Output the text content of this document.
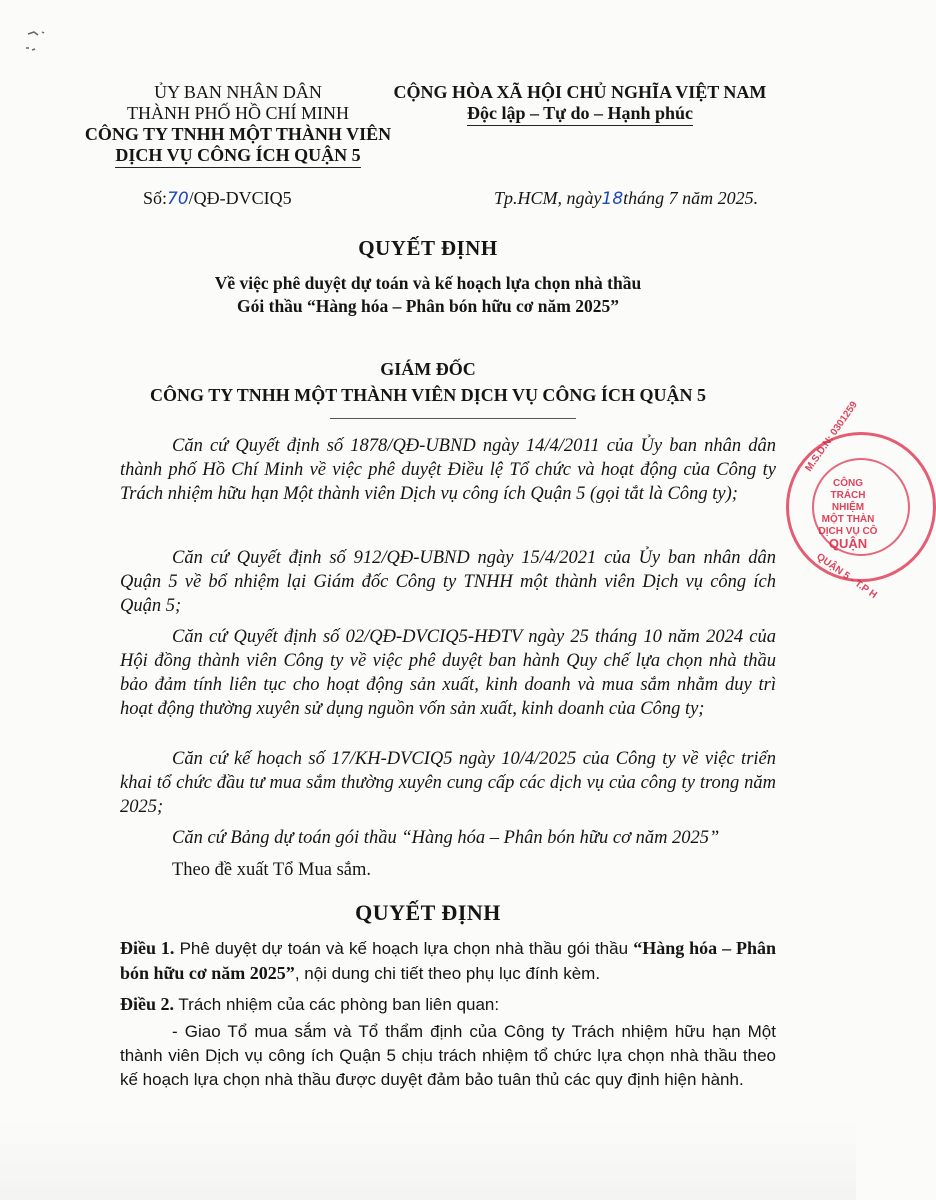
ỦY BAN NHÂN DÂN
THÀNH PHỐ HỒ CHÍ MINH
CÔNG TY TNHH MỘT THÀNH VIÊN
DỊCH VỤ CÔNG ÍCH QUẬN 5
CỘNG HÒA XÃ HỘI CHỦ NGHĨA VIỆT NAM
Độc lập – Tự do – Hạnh phúc
Số:70/QĐ-DVCIQ5	Tp.HCM, ngày18tháng 7 năm 2025.
QUYẾT ĐỊNH
Về việc phê duyệt dự toán và kế hoạch lựa chọn nhà thầu
Gói thầu “Hàng hóa – Phân bón hữu cơ năm 2025”
GIÁM ĐỐC
CÔNG TY TNHH MỘT THÀNH VIÊN DỊCH VỤ CÔNG ÍCH QUẬN 5
Căn cứ Quyết định số 1878/QĐ-UBND ngày 14/4/2011 của Ủy ban nhân dân thành phố Hồ Chí Minh về việc phê duyệt Điều lệ Tổ chức và hoạt động của Công ty Trách nhiệm hữu hạn Một thành viên Dịch vụ công ích Quận 5 (gọi tắt là Công ty);
Căn cứ Quyết định số 912/QĐ-UBND ngày 15/4/2021 của Ủy ban nhân dân Quận 5 về bổ nhiệm lại Giám đốc Công ty TNHH một thành viên Dịch vụ công ích Quận 5;
Căn cứ Quyết định số 02/QĐ-DVCIQ5-HĐTV ngày 25 tháng 10 năm 2024 của Hội đồng thành viên Công ty về việc phê duyệt ban hành Quy chế lựa chọn nhà thầu bảo đảm tính liên tục cho hoạt động sản xuất, kinh doanh và mua sắm nhằm duy trì hoạt động thường xuyên sử dụng nguồn vốn sản xuất, kinh doanh của Công ty;
Căn cứ kế hoạch số 17/KH-DVCIQ5 ngày 10/4/2025 của Công ty về việc triển khai tổ chức đầu tư mua sắm thường xuyên cung cấp các dịch vụ của công ty trong năm 2025;
Căn cứ Bảng dự toán gói thầu “Hàng hóa – Phân bón hữu cơ năm 2025”
Theo đề xuất Tổ Mua sắm.
QUYẾT ĐỊNH
Điều 1. Phê duyệt dự toán và kế hoạch lựa chọn nhà thầu gói thầu “Hàng hóa – Phân bón hữu cơ năm 2025”, nội dung chi tiết theo phụ lục đính kèm.
Điều 2. Trách nhiệm của các phòng ban liên quan:
- Giao Tổ mua sắm và Tổ thẩm định của Công ty Trách nhiệm hữu hạn Một thành viên Dịch vụ công ích Quận 5 chịu trách nhiệm tổ chức lựa chọn nhà thầu theo kế hoạch lựa chọn nhà thầu được duyệt đảm bảo tuân thủ các quy định hiện hành.
M.S.D.N: 0301259
QUẬN 5 - T.P H
CÔNG
TRÁCH NHIỆM
MỘT THÀN
DỊCH VỤ CÔ
QUẬN
